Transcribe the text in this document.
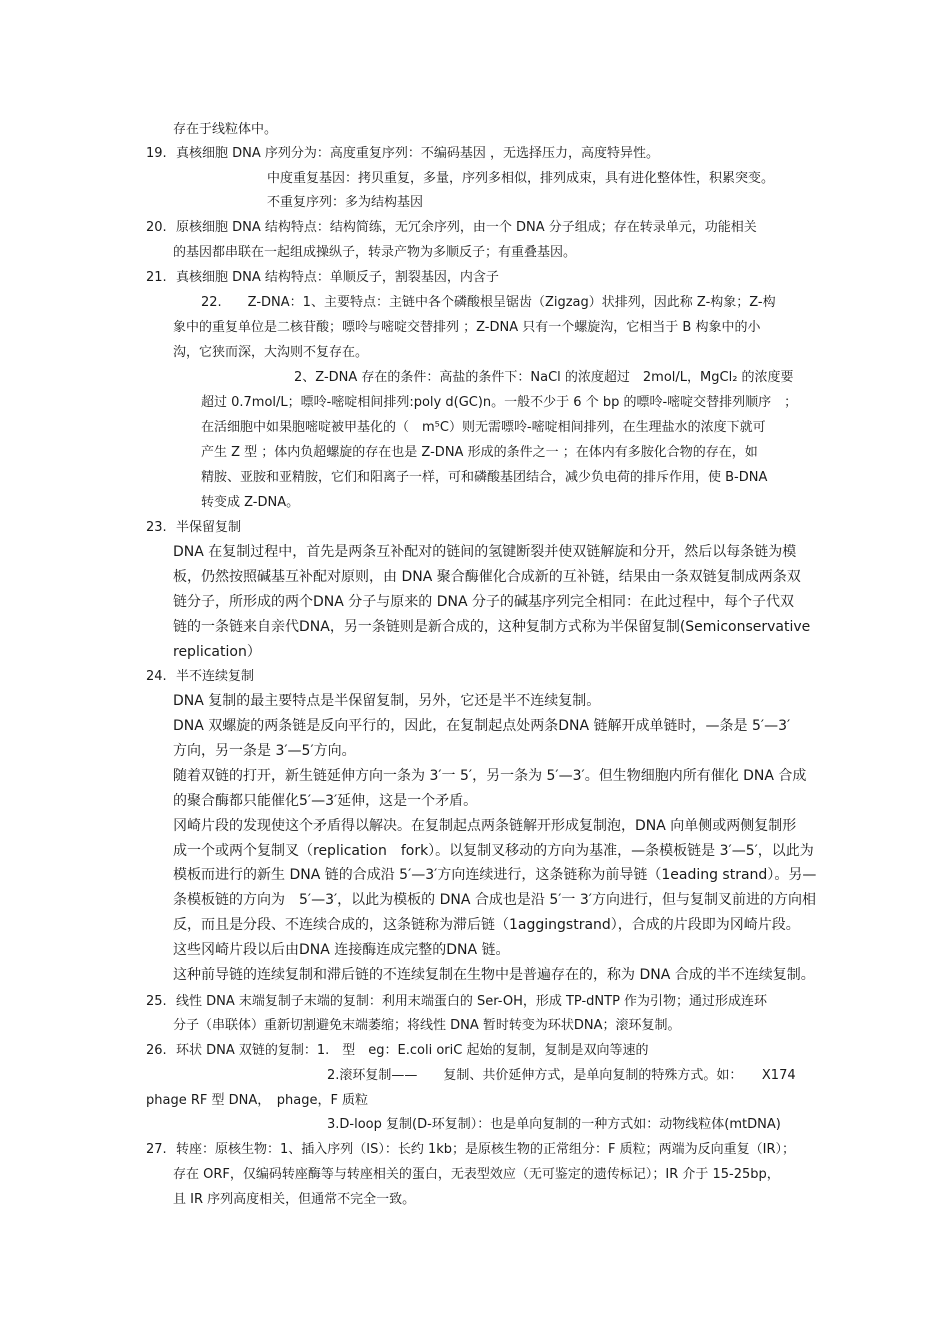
19.
20.
21.
23.
24.
25.
26.
27.
存在于线粒体中。
真核细胞 DNA 序列分为：高度重复序列：不编码基因 ，无选择压力，高度特异性。
中度重复基因：拷贝重复，多量，序列多相似，排列成束，具有进化整体性，积累突变。
不重复序列：多为结构基因
原核细胞 DNA 结构特点：结构简练，无冗余序列，由一个 DNA 分子组成；存在转录单元，功能相关
的基因都串联在一起组成操纵子，转录产物为多顺反子；有重叠基因。
真核细胞 DNA 结构特点：单顺反子，割裂基因，内含子
22.　　Z-DNA：1、主要特点：主链中各个磷酸根呈锯齿（Zigzag）状排列，因此称 Z-构象；Z-构
象中的重复单位是二核苷酸；嘌呤与嘧啶交替排列 ；Z-DNA 只有一个螺旋沟，它相当于 B 构象中的小
沟，它狭而深，大沟则不复存在。
2、Z-DNA 存在的条件：高盐的条件下：NaCl 的浓度超过　2mol/L，MgCl₂ 的浓度要
超过 0.7mol/L；嘌呤-嘧啶相间排列:poly d(GC)n。一般不少于 6 个 bp 的嘌呤-嘧啶交替排列顺序　；
在活细胞中如果胞嘧啶被甲基化的（　m⁵C）则无需嘌呤-嘧啶相间排列，在生理盐水的浓度下就可
产生 Z 型 ；体内负超螺旋的存在也是 Z-DNA 形成的条件之一 ；在体内有多胺化合物的存在，如
精胺、亚胺和亚精胺，它们和阳离子一样，可和磷酸基团结合，减少负电荷的排斥作用，使 B-DNA
转变成 Z-DNA。
半保留复制
DNA 在复制过程中，首先是两条互补配对的链间的氢键断裂并使双链解旋和分开，然后以每条链为模
板，仍然按照碱基互补配对原则，由 DNA 聚合酶催化合成新的互补链，结果由一条双链复制成两条双
链分子，所形成的两个DNA 分子与原来的 DNA 分子的碱基序列完全相同：在此过程中，每个子代双
链的一条链来自亲代DNA，另一条链则是新合成的，这种复制方式称为半保留复制(Semiconservative
replication）
半不连续复制
DNA 复制的最主要特点是半保留复制，另外，它还是半不连续复制。
DNA 双螺旋的两条链是反向平行的，因此，在复制起点处两条DNA 链解开成单链时，—条是 5′—3′
方向，另一条是 3′—5′方向。
随着双链的打开，新生链延伸方向一条为 3′一 5′，另一条为 5′—3′。但生物细胞内所有催化 DNA 合成
的聚合酶都只能催化5′—3′延伸，这是一个矛盾。
冈崎片段的发现使这个矛盾得以解决。在复制起点两条链解开形成复制泡，DNA 向单侧或两侧复制形
成一个或两个复制叉（replication　fork）。以复制叉移动的方向为基准，—条模板链是 3′—5′，以此为
模板而进行的新生 DNA 链的合成沿 5′—3′方向连续进行，这条链称为前导链（1eading strand）。另—
条模板链的方向为　5′—3′，以此为模板的 DNA 合成也是沿 5′一 3′方向进行，但与复制叉前进的方向相
反，而且是分段、不连续合成的，这条链称为滞后链（1aggingstrand），合成的片段即为冈崎片段。
这些冈崎片段以后由DNA 连接酶连成完整的DNA 链。
这种前导链的连续复制和滞后链的不连续复制在生物中是普遍存在的，称为 DNA 合成的半不连续复制。
线性 DNA 末端复制子末端的复制：利用末端蛋白的 Ser-OH，形成 TP-dNTP 作为引物；通过形成连环
分子（串联体）重新切割避免末端萎缩；将线性 DNA 暂时转变为环状DNA；滚环复制。
环状 DNA 双链的复制：1.　型　eg：E.coli oriC 起始的复制，复制是双向等速的
2.滚环复制——　　复制、共价延伸方式，是单向复制的特殊方式。如：　　X174
phage RF 型 DNA，　phage，F 质粒
3.D-loop 复制(D-环复制）：也是单向复制的一种方式如：动物线粒体(mtDNA)
转座：原核生物：1、插入序列（IS）：长约 1kb；是原核生物的正常组分：F 质粒；两端为反向重复（IR）；
存在 ORF，仅编码转座酶等与转座相关的蛋白，无表型效应（无可鉴定的遗传标记）；IR 介于 15-25bp，
且 IR 序列高度相关，但通常不完全一致。
